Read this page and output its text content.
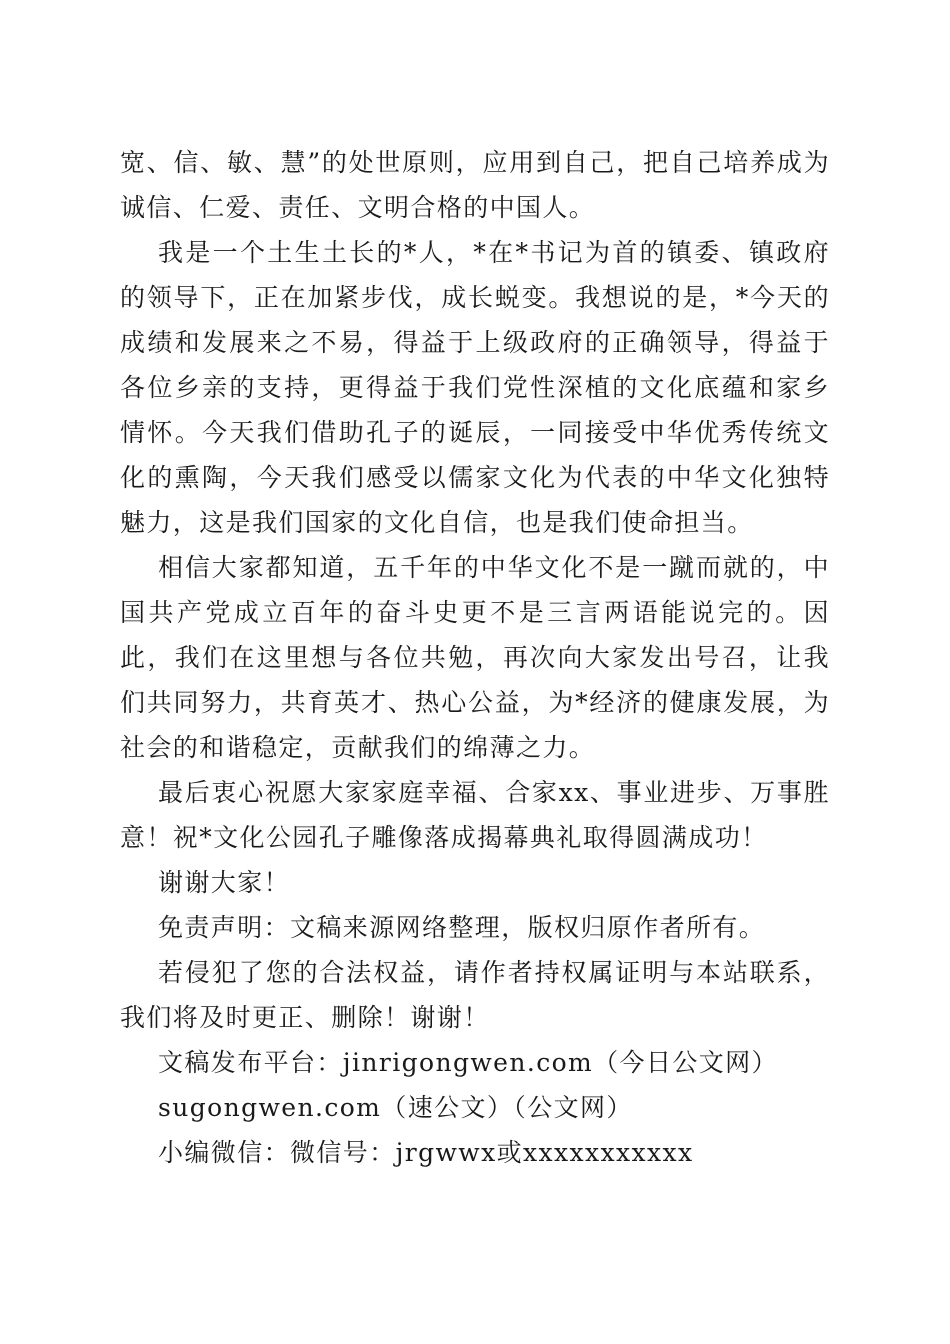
宽、信、敏、慧”的处世原则，应用到自己，把自己培养成为诚信、仁爱、责任、文明合格的中国人。

我是一个土生土长的*人，*在*书记为首的镇委、镇政府的领导下，正在加紧步伐，成长蜕变。我想说的是，*今天的成绩和发展来之不易，得益于上级政府的正确领导，得益于各位乡亲的支持，更得益于我们党性深植的文化底蕴和家乡情怀。今天我们借助孔子的诞辰，一同接受中华优秀传统文化的熏陶，今天我们感受以儒家文化为代表的中华文化独特魅力，这是我们国家的文化自信，也是我们使命担当。

相信大家都知道，五千年的中华文化不是一蹴而就的，中国共产党成立百年的奋斗史更不是三言两语能说完的。因此，我们在这里想与各位共勉，再次向大家发出号召，让我们共同努力，共育英才、热心公益，为*经济的健康发展，为社会的和谐稳定，贡献我们的绵薄之力。

最后衷心祝愿大家家庭幸福、合家xx、事业进步、万事胜意！祝*文化公园孔子雕像落成揭幕典礼取得圆满成功！

谢谢大家！

免责声明：文稿来源网络整理，版权归原作者所有。

若侵犯了您的合法权益，请作者持权属证明与本站联系，我们将及时更正、删除！谢谢！

文稿发布平台：jinrigongwen.com（今日公文网）

sugongwen.com（速公文）（公文网）

小编微信：微信号：jrgwwx或xxxxxxxxxxx
